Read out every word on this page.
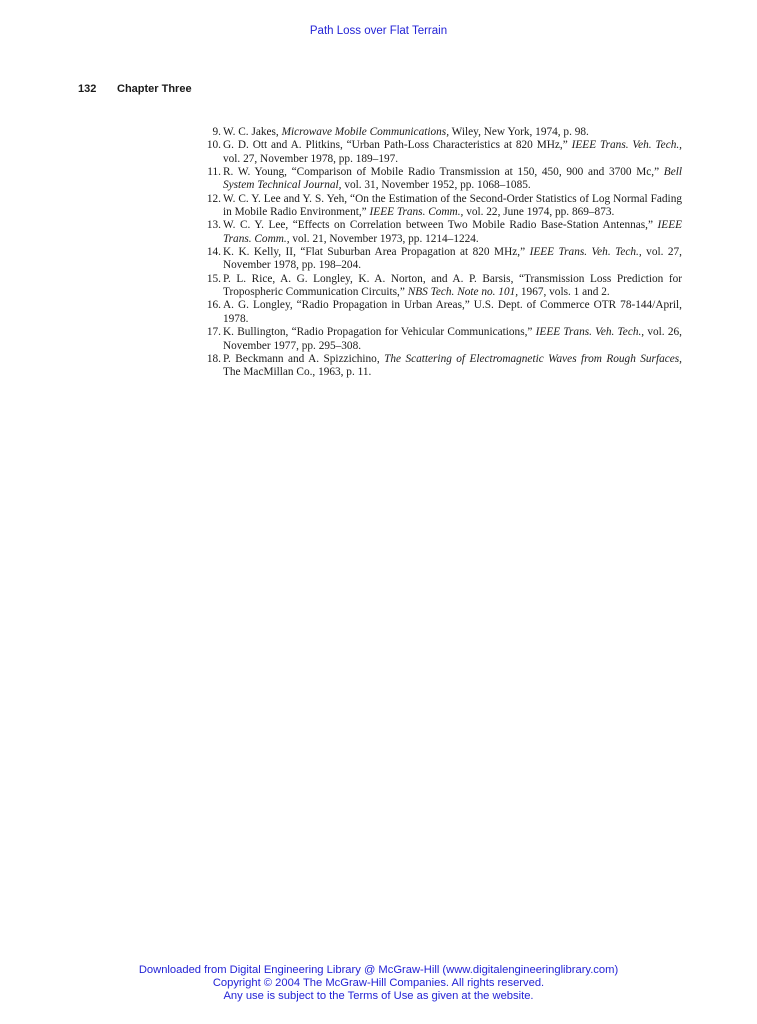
Path Loss over Flat Terrain
132 Chapter Three
9. W. C. Jakes, Microwave Mobile Communications, Wiley, New York, 1974, p. 98.
10. G. D. Ott and A. Plitkins, “Urban Path-Loss Characteristics at 820 MHz,” IEEE Trans. Veh. Tech., vol. 27, November 1978, pp. 189–197.
11. R. W. Young, “Comparison of Mobile Radio Transmission at 150, 450, 900 and 3700 Mc,” Bell System Technical Journal, vol. 31, November 1952, pp. 1068–1085.
12. W. C. Y. Lee and Y. S. Yeh, “On the Estimation of the Second-Order Statistics of Log Normal Fading in Mobile Radio Environment,” IEEE Trans. Comm., vol. 22, June 1974, pp. 869–873.
13. W. C. Y. Lee, “Effects on Correlation between Two Mobile Radio Base-Station Antennas,” IEEE Trans. Comm., vol. 21, November 1973, pp. 1214–1224.
14. K. K. Kelly, II, “Flat Suburban Area Propagation at 820 MHz,” IEEE Trans. Veh. Tech., vol. 27, November 1978, pp. 198–204.
15. P. L. Rice, A. G. Longley, K. A. Norton, and A. P. Barsis, “Transmission Loss Prediction for Tropospheric Communication Circuits,” NBS Tech. Note no. 101, 1967, vols. 1 and 2.
16. A. G. Longley, “Radio Propagation in Urban Areas,” U.S. Dept. of Commerce OTR 78-144/April, 1978.
17. K. Bullington, “Radio Propagation for Vehicular Communications,” IEEE Trans. Veh. Tech., vol. 26, November 1977, pp. 295–308.
18. P. Beckmann and A. Spizzichino, The Scattering of Electromagnetic Waves from Rough Surfaces, The MacMillan Co., 1963, p. 11.
Downloaded from Digital Engineering Library @ McGraw-Hill (www.digitalengineeringlibrary.com)
Copyright © 2004 The McGraw-Hill Companies. All rights reserved.
Any use is subject to the Terms of Use as given at the website.
